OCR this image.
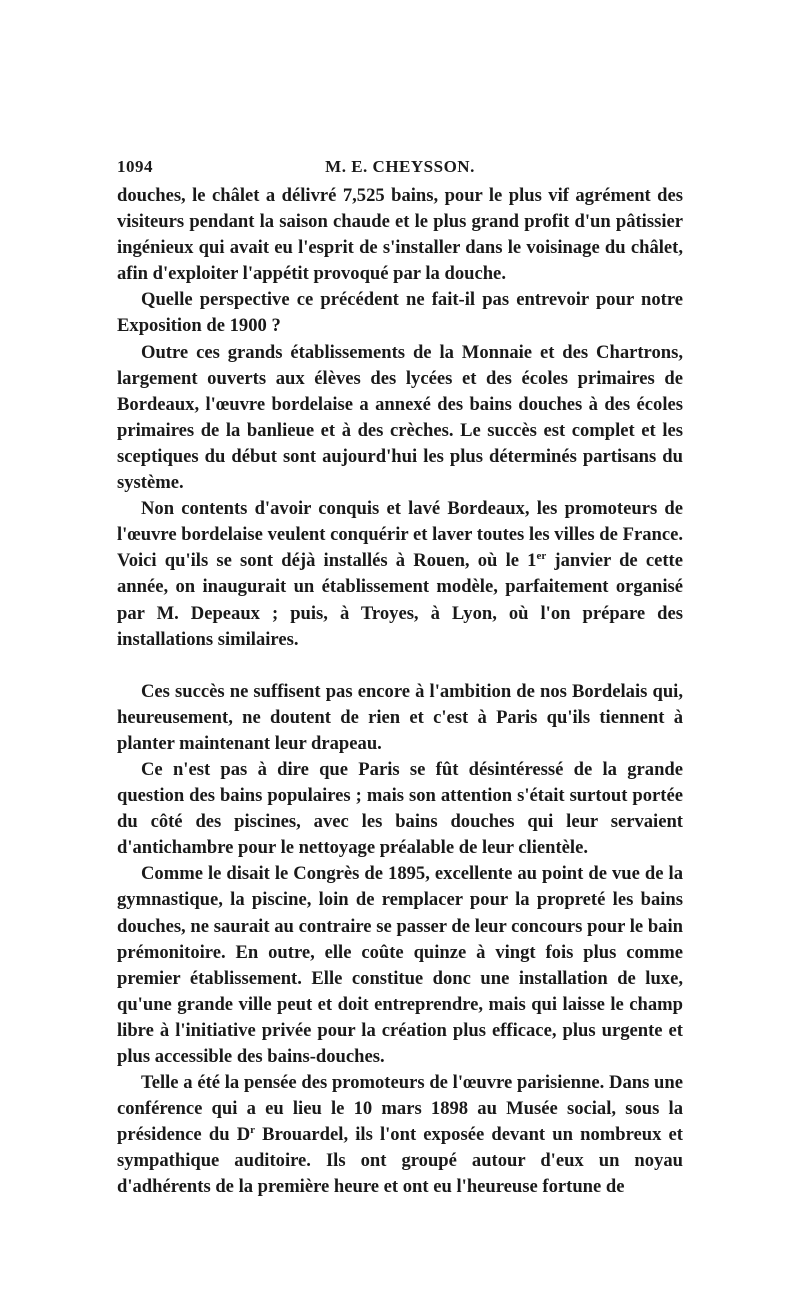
1094	M. E. CHEYSSON.

douches, le châlet a délivré 7,525 bains, pour le plus vif agrément des visiteurs pendant la saison chaude et le plus grand profit d'un pâtissier ingénieux qui avait eu l'esprit de s'installer dans le voisinage du châlet, afin d'exploiter l'appétit provoqué par la douche.

Quelle perspective ce précédent ne fait-il pas entrevoir pour notre Exposition de 1900 ?

Outre ces grands établissements de la Monnaie et des Chartrons, largement ouverts aux élèves des lycées et des écoles primaires de Bordeaux, l'œuvre bordelaise a annexé des bains douches à des écoles primaires de la banlieue et à des crèches. Le succès est complet et les sceptiques du début sont aujourd'hui les plus déterminés partisans du système.

Non contents d'avoir conquis et lavé Bordeaux, les promoteurs de l'œuvre bordelaise veulent conquérir et laver toutes les villes de France. Voici qu'ils se sont déjà installés à Rouen, où le 1er janvier de cette année, on inaugurait un établissement modèle, parfaitement organisé par M. Depeaux ; puis, à Troyes, à Lyon, où l'on prépare des installations similaires.

Ces succès ne suffisent pas encore à l'ambition de nos Bordelais qui, heureusement, ne doutent de rien et c'est à Paris qu'ils tiennent à planter maintenant leur drapeau.

Ce n'est pas à dire que Paris se fût désintéressé de la grande question des bains populaires ; mais son attention s'était surtout portée du côté des piscines, avec les bains douches qui leur servaient d'antichambre pour le nettoyage préalable de leur clientèle.

Comme le disait le Congrès de 1895, excellente au point de vue de la gymnastique, la piscine, loin de remplacer pour la propreté les bains douches, ne saurait au contraire se passer de leur concours pour le bain prémonitoire. En outre, elle coûte quinze à vingt fois plus comme premier établissement. Elle constitue donc une installation de luxe, qu'une grande ville peut et doit entreprendre, mais qui laisse le champ libre à l'initiative privée pour la création plus efficace, plus urgente et plus accessible des bains-douches.

Telle a été la pensée des promoteurs de l'œuvre parisienne. Dans une conférence qui a eu lieu le 10 mars 1898 au Musée social, sous la présidence du $D^r$ Brouardel, ils l'ont exposée devant un nombreux et sympathique auditoire. Ils ont groupé autour d'eux un noyau d'adhérents de la première heure et ont eu l'heureuse fortune de
